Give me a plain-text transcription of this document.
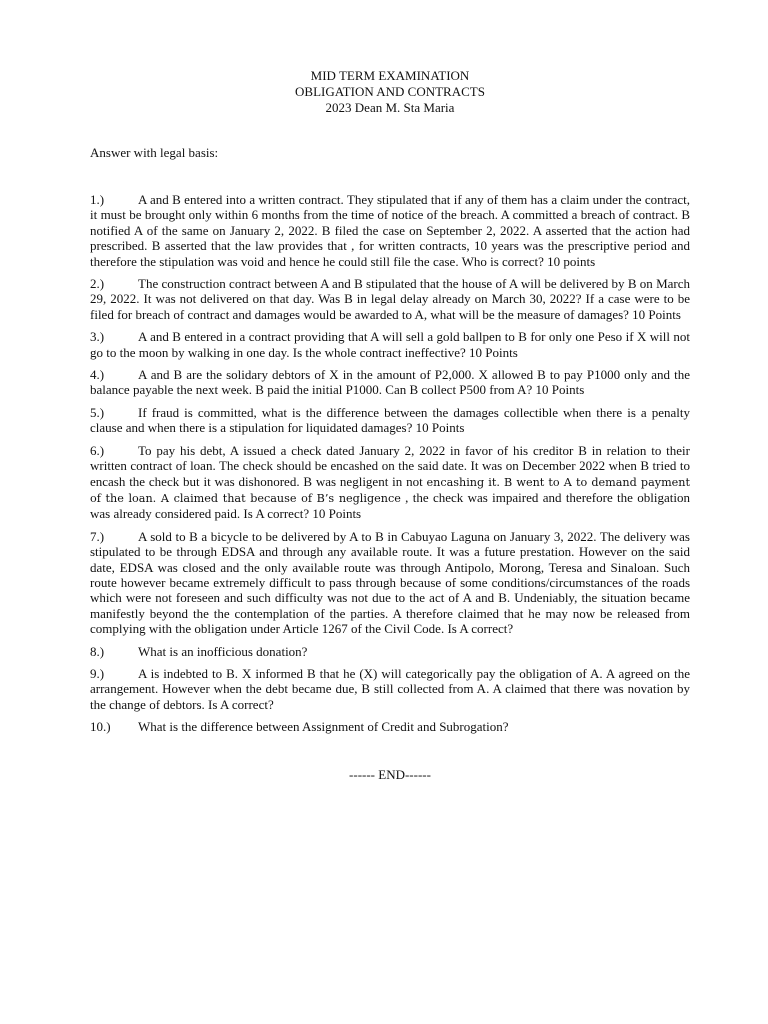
MID TERM EXAMINATION
OBLIGATION AND CONTRACTS
2023 Dean M. Sta Maria

Answer with legal basis:

1.)	A and B entered into a written contract. They stipulated that if any of them has a claim under the contract, it must be brought only within 6 months from the time of notice of the breach. A committed a breach of contract. B notified A of the same on January 2, 2022. B filed the case on September 2, 2022. A asserted that the action had prescribed. B asserted that the law provides that , for written contracts, 10 years was the prescriptive period and therefore the stipulation was void and hence he could still file the case. Who is correct? 10 points

2.)	The construction contract between A and B stipulated that the house of A will be delivered by B on March 29, 2022. It was not delivered on that day. Was B in legal delay already on March 30, 2022? If a case were to be filed for breach of contract and damages would be awarded to A, what will be the measure of damages? 10 Points

3.)	A and B entered in a contract providing that A will sell a gold ballpen to B for only one Peso if X will not go to the moon by walking in one day. Is the whole contract ineffective? 10 Points

4.)	A and B are the solidary debtors of X in the amount of P2,000. X allowed B to pay P1000 only and the balance payable the next week. B paid the initial P1000. Can B collect P500 from A? 10 Points

5.)	If fraud is committed, what is the difference between the damages collectible when there is a penalty clause and when there is a stipulation for liquidated damages? 10 Points

6.)	To pay his debt, A issued a check dated January 2, 2022 in favor of his creditor B in relation to their written contract of loan. The check should be encashed on the said date. It was on December 2022 when B tried to encash the check but it was dishonored. B was negligent in not encashing it. B went to A to demand payment of the loan. A claimed that because of B’s negligence , the check was impaired and therefore the obligation was already considered paid. Is A correct? 10 Points

7.)	A sold to B a bicycle to be delivered by A to B in Cabuyao Laguna on January 3, 2022. The delivery was stipulated to be through EDSA and through any available route. It was a future prestation. However on the said date, EDSA was closed and the only available route was through Antipolo, Morong, Teresa and Sinaloan. Such route however became extremely difficult to pass through because of some conditions/circumstances of the roads which were not foreseen and such difficulty was not due to the act of A and B. Undeniably, the situation became manifestly beyond the the contemplation of the parties. A therefore claimed that he may now be released from complying with the obligation under Article 1267 of the Civil Code. Is A correct?

8.)	What is an inofficious donation?

9.)	A is indebted to B. X informed B that he (X) will categorically pay the obligation of A. A agreed on the arrangement. However when the debt became due, B still collected from A. A claimed that there was novation by the change of debtors. Is A correct?

10.) What is the difference between Assignment of Credit and Subrogation?

------ END------
